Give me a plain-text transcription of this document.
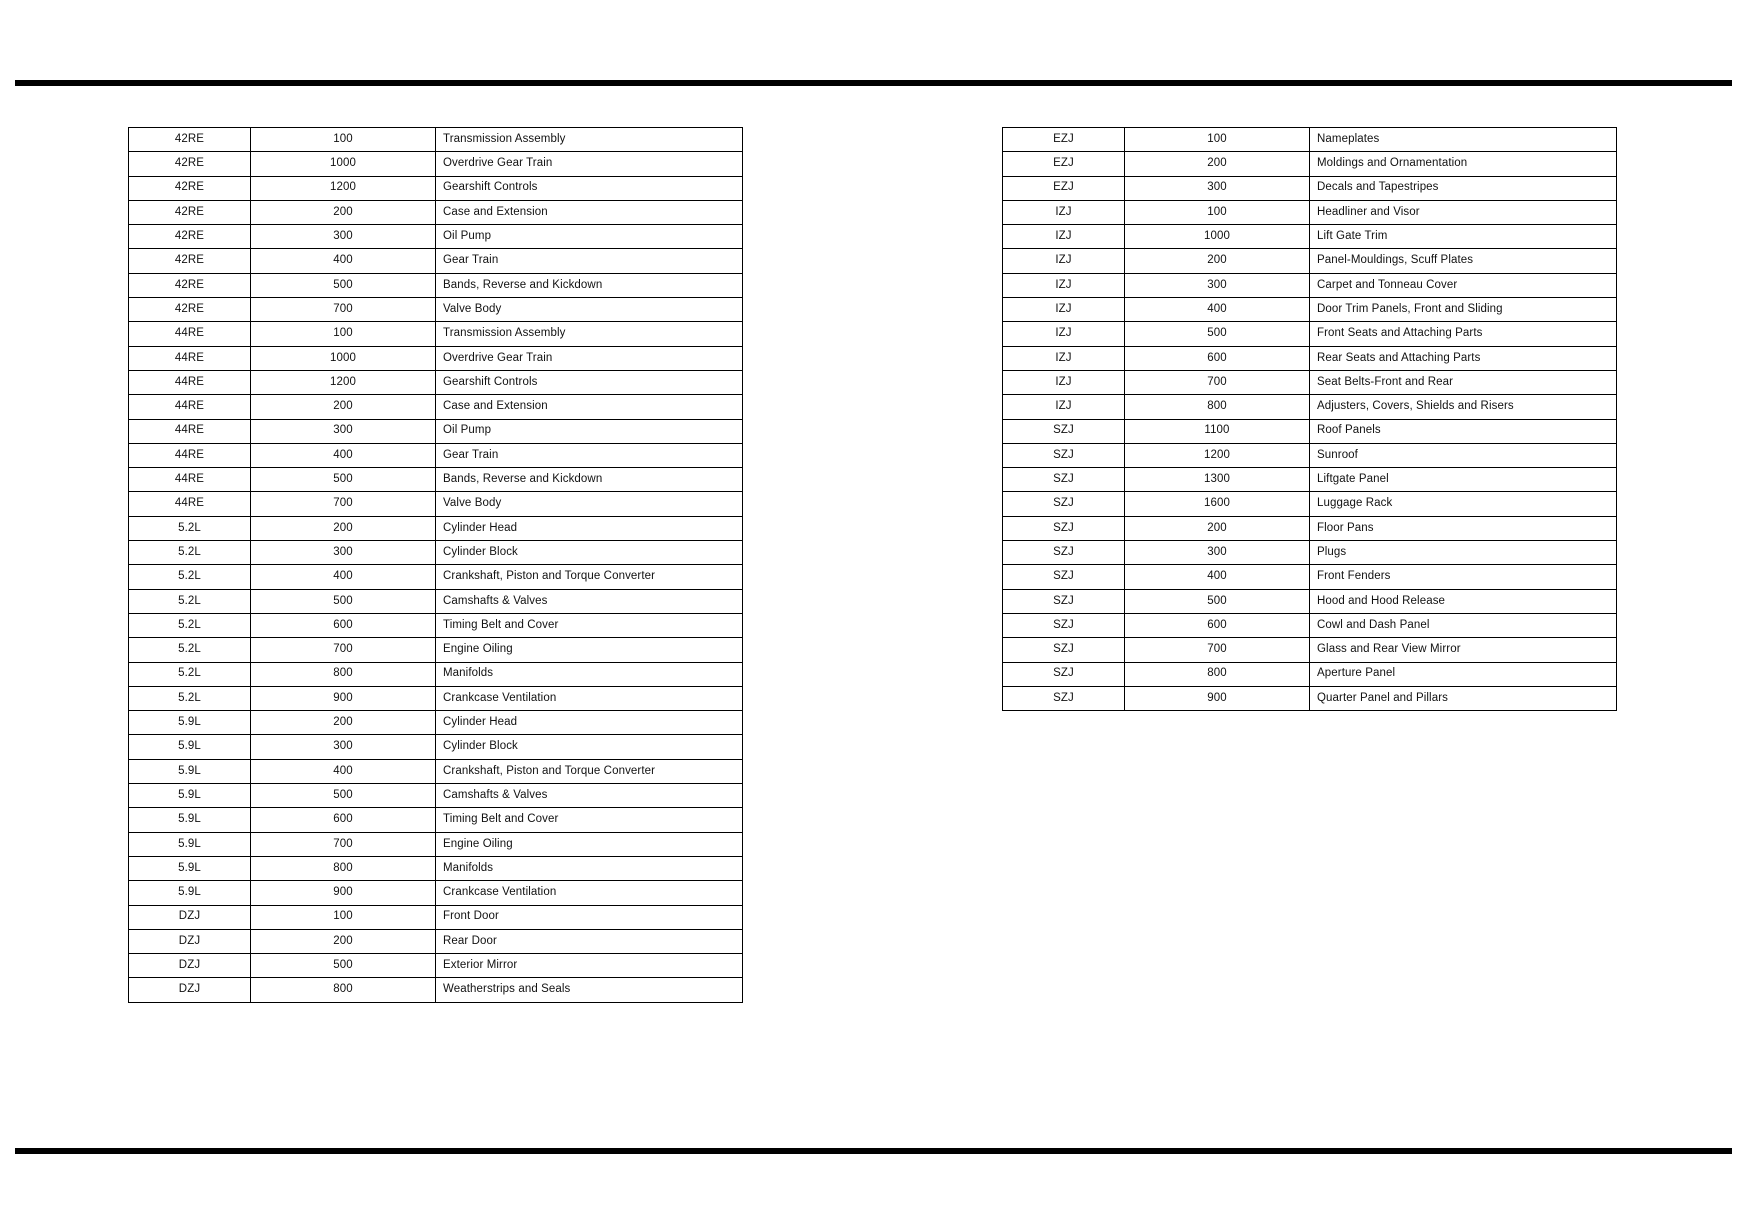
42RE	100	Transmission Assembly
42RE	1000	Overdrive Gear Train
42RE	1200	Gearshift Controls
42RE	200	Case and Extension
42RE	300	Oil Pump
42RE	400	Gear Train
42RE	500	Bands, Reverse and Kickdown
42RE	700	Valve Body
44RE	100	Transmission Assembly
44RE	1000	Overdrive Gear Train
44RE	1200	Gearshift Controls
44RE	200	Case and Extension
44RE	300	Oil Pump
44RE	400	Gear Train
44RE	500	Bands, Reverse and Kickdown
44RE	700	Valve Body
5.2L	200	Cylinder Head
5.2L	300	Cylinder Block
5.2L	400	Crankshaft, Piston and Torque Converter
5.2L	500	Camshafts & Valves
5.2L	600	Timing Belt and Cover
5.2L	700	Engine Oiling
5.2L	800	Manifolds
5.2L	900	Crankcase Ventilation
5.9L	200	Cylinder Head
5.9L	300	Cylinder Block
5.9L	400	Crankshaft, Piston and Torque Converter
5.9L	500	Camshafts & Valves
5.9L	600	Timing Belt and Cover
5.9L	700	Engine Oiling
5.9L	800	Manifolds
5.9L	900	Crankcase Ventilation
DZJ	100	Front Door
DZJ	200	Rear Door
DZJ	500	Exterior Mirror
DZJ	800	Weatherstrips and Seals
EZJ	100	Nameplates
EZJ	200	Moldings and Ornamentation
EZJ	300	Decals and Tapestripes
IZJ	100	Headliner and Visor
IZJ	1000	Lift Gate Trim
IZJ	200	Panel-Mouldings, Scuff Plates
IZJ	300	Carpet and Tonneau Cover
IZJ	400	Door Trim Panels, Front and Sliding
IZJ	500	Front Seats and Attaching Parts
IZJ	600	Rear Seats and Attaching Parts
IZJ	700	Seat Belts-Front and Rear
IZJ	800	Adjusters, Covers, Shields and Risers
SZJ	1100	Roof Panels
SZJ	1200	Sunroof
SZJ	1300	Liftgate Panel
SZJ	1600	Luggage Rack
SZJ	200	Floor Pans
SZJ	300	Plugs
SZJ	400	Front Fenders
SZJ	500	Hood and Hood Release
SZJ	600	Cowl and Dash Panel
SZJ	700	Glass and Rear View Mirror
SZJ	800	Aperture Panel
SZJ	900	Quarter Panel and Pillars
